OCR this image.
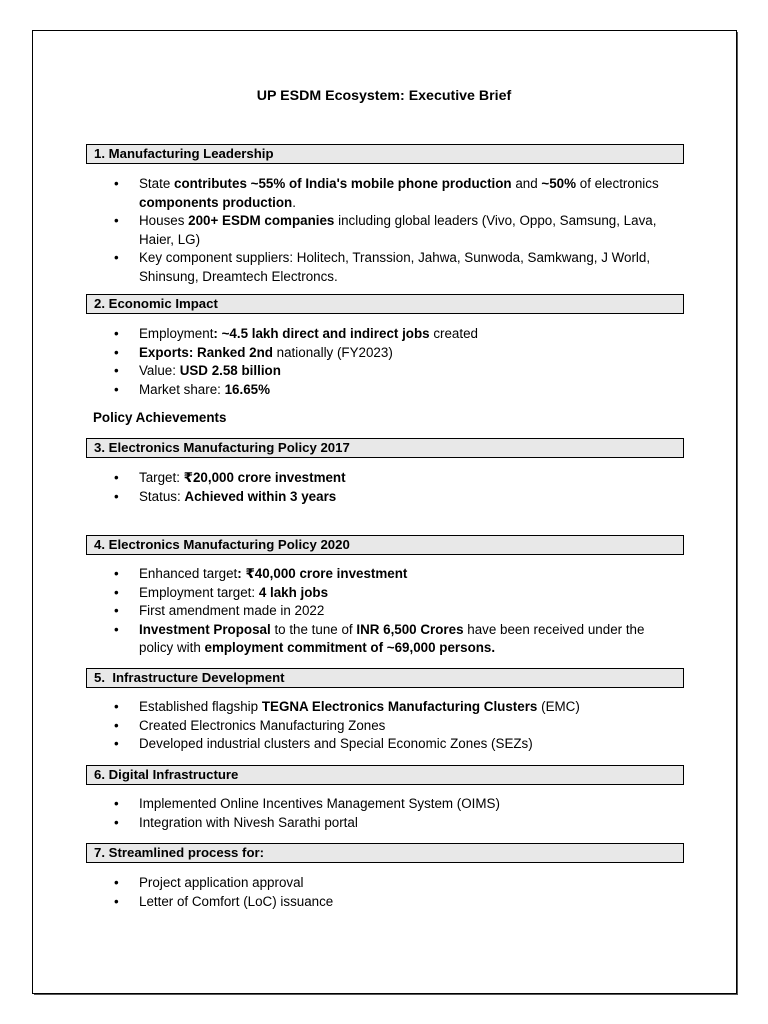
UP ESDM Ecosystem: Executive Brief
1. Manufacturing Leadership
• State contributes ~55% of India's mobile phone production and ~50% of electronics components production.
• Houses 200+ ESDM companies including global leaders (Vivo, Oppo, Samsung, Lava, Haier, LG)
• Key component suppliers: Holitech, Transsion, Jahwa, Sunwoda, Samkwang, J World, Shinsung, Dreamtech Electroncs.
2. Economic Impact
• Employment: ~4.5 lakh direct and indirect jobs created
• Exports: Ranked 2nd nationally (FY2023)
• Value: USD 2.58 billion
• Market share: 16.65%
Policy Achievements
3. Electronics Manufacturing Policy 2017
• Target: ₹20,000 crore investment
• Status: Achieved within 3 years
4. Electronics Manufacturing Policy 2020
• Enhanced target: ₹40,000 crore investment
• Employment target: 4 lakh jobs
• First amendment made in 2022
• Investment Proposal to the tune of INR 6,500 Crores have been received under the policy with employment commitment of ~69,000 persons.
5.  Infrastructure Development
• Established flagship TEGNA Electronics Manufacturing Clusters (EMC)
• Created Electronics Manufacturing Zones
• Developed industrial clusters and Special Economic Zones (SEZs)
6. Digital Infrastructure
• Implemented Online Incentives Management System (OIMS)
• Integration with Nivesh Sarathi portal
7. Streamlined process for:
• Project application approval
• Letter of Comfort (LoC) issuance
